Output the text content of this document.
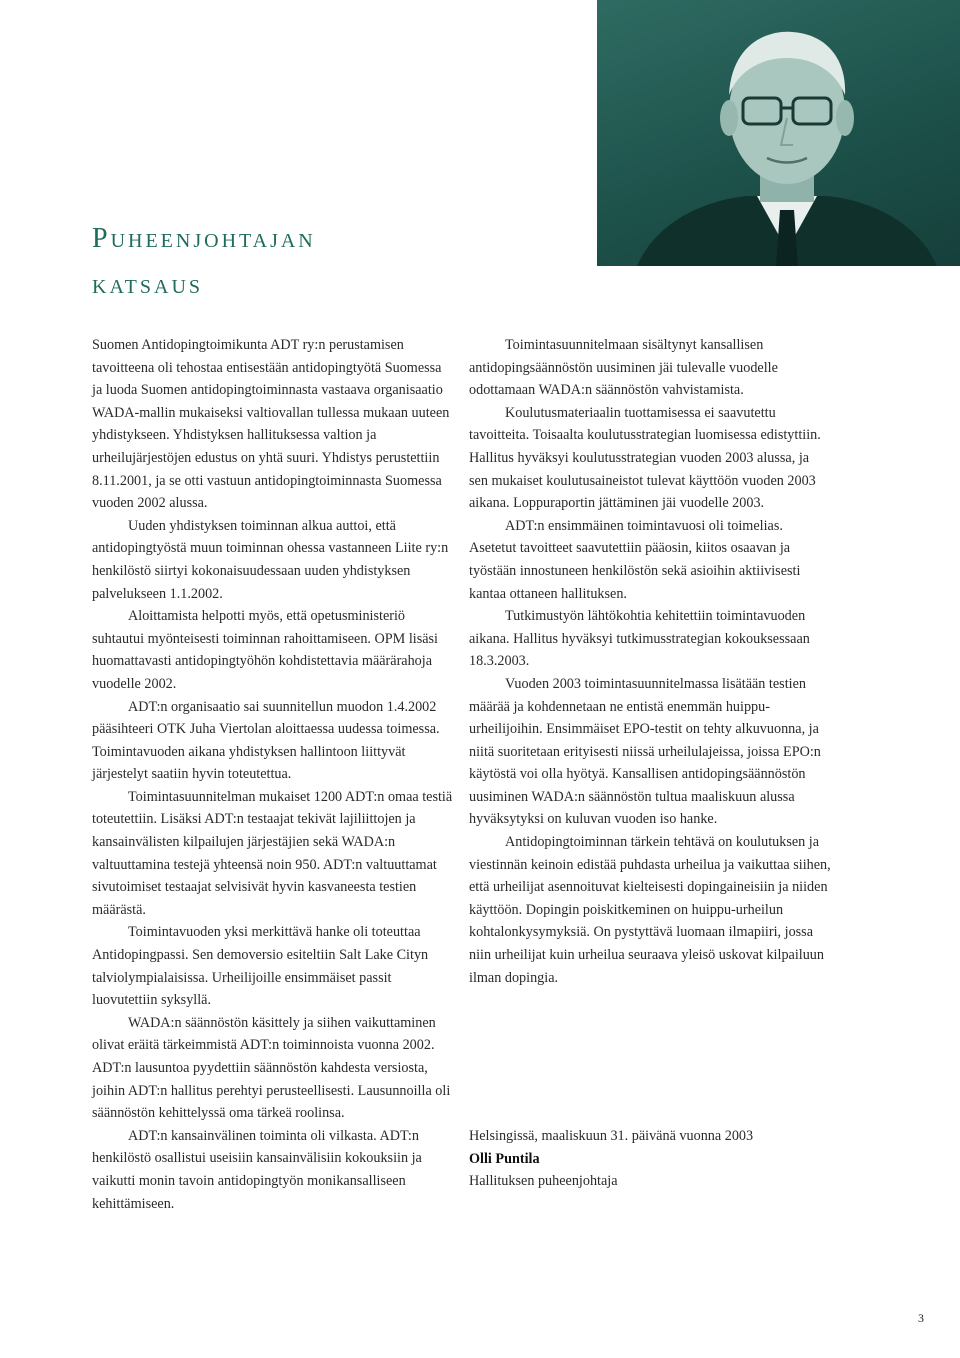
Puheenjohtajan
katsaus

Suomen Antidopingtoimikunta ADT ry:n perustamisen tavoitteena oli tehostaa entisestään antidopingtyötä Suomessa ja luoda Suomen antidopingtoiminnasta vastaava organisaatio WADA-mallin mukaiseksi valtiovallan tullessa mukaan uuteen yhdistykseen. Yhdistyksen hallituksessa valtion ja urheilujärjestöjen edustus on yhtä suuri. Yhdistys perustettiin 8.11.2001, ja se otti vastuun antidopingtoiminnasta Suomessa vuoden 2002 alussa.

Uuden yhdistyksen toiminnan alkua auttoi, että antidopingtyöstä muun toiminnan ohessa vastanneen Liite ry:n henkilöstö siirtyi kokonaisuudessaan uuden yhdistyksen palvelukseen 1.1.2002.

Aloittamista helpotti myös, että opetusministeriö suhtautui myönteisesti toiminnan rahoittamiseen. OPM lisäsi huomattavasti antidopingtyöhön kohdistettavia määrärahoja vuodelle 2002.

ADT:n organisaatio sai suunnitellun muodon 1.4.2002 pääsihteeri OTK Juha Viertolan aloittaessa uudessa toimessa. Toimintavuoden aikana yhdistyksen hallintoon liittyvät järjestelyt saatiin hyvin toteutettua.

Toimintasuunnitelman mukaiset 1200 ADT:n omaa testiä toteutettiin. Lisäksi ADT:n testaajat tekivät lajiliittojen ja kansainvälisten kilpailujen järjestäjien sekä WADA:n valtuuttamina testejä yhteensä noin 950. ADT:n valtuuttamat sivutoimiset testaajat selvisivät hyvin kasvaneesta testien määrästä.

Toimintavuoden yksi merkittävä hanke oli toteuttaa Antidopingpassi. Sen demoversio esiteltiin Salt Lake Cityn talviolympialaisissa. Urheilijoille ensimmäiset passit luovutettiin syksyllä.

WADA:n säännöstön käsittely ja siihen vaikuttaminen olivat eräitä tärkeimmistä ADT:n toiminnoista vuonna 2002. ADT:n lausuntoa pyydettiin säännöstön kahdesta versiosta, joihin ADT:n hallitus perehtyi perusteellisesti. Lausunnoilla oli säännöstön kehittelyssä oma tärkeä roolinsa.

ADT:n kansainvälinen toiminta oli vilkasta. ADT:n henkilöstö osallistui useisiin kansainvälisiin kokouksiin ja vaikutti monin tavoin antidopingtyön monikansalliseen kehittämiseen.

Toimintasuunnitelmaan sisältynyt kansallisen antidopingsäännöstön uusiminen jäi tulevalle vuodelle odottamaan WADA:n säännöstön vahvistamista.

Koulutusmateriaalin tuottamisessa ei saavutettu tavoitteita. Toisaalta koulutusstrategian luomisessa edistyttiin. Hallitus hyväksyi koulutusstrategian vuoden 2003 alussa, ja sen mukaiset koulutusaineistot tulevat käyttöön vuoden 2003 aikana. Loppuraportin jättäminen jäi vuodelle 2003.

ADT:n ensimmäinen toimintavuosi oli toimelias. Asetetut tavoitteet saavutettiin pääosin, kiitos osaavan ja työstään innostuneen henkilöstön sekä asioihin aktiivisesti kantaa ottaneen hallituksen.

Tutkimustyön lähtökohtia kehitettiin toimintavuoden aikana. Hallitus hyväksyi tutkimusstrategian kokouksessaan 18.3.2003.

Vuoden 2003 toimintasuunnitelmassa lisätään testien määrää ja kohdennetaan ne entistä enemmän huippu-urheilijoihin. Ensimmäiset EPO-testit on tehty alkuvuonna, ja niitä suoritetaan erityisesti niissä urheilulajeissa, joissa EPO:n käytöstä voi olla hyötyä. Kansallisen antidopingsäännöstön uusiminen WADA:n säännöstön tultua maaliskuun alussa hyväksytyksi on kuluvan vuoden iso hanke.

Antidopingtoiminnan tärkein tehtävä on koulutuksen ja viestinnän keinoin edistää puhdasta urheilua ja vaikuttaa siihen, että urheilijat asennoituvat kielteisesti dopingaineisiin ja niiden käyttöön. Dopingin poiskitkeminen on huippu-urheilun kohtalonkysymyksiä. On pystyttävä luomaan ilmapiiri, jossa niin urheilijat kuin urheilua seuraava yleisö uskovat kilpailuun ilman dopingia.

Helsingissä, maaliskuun 31. päivänä vuonna 2003
Olli Puntila
Hallituksen puheenjohtaja
3
